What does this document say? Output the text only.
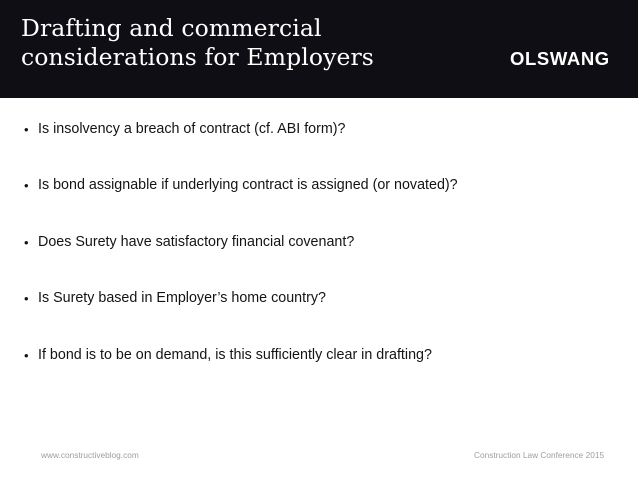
Drafting and commercial
considerations for Employers	OLSWANG
• Is insolvency a breach of contract (cf. ABI form)?
• Is bond assignable if underlying contract is assigned (or novated)?
• Does Surety have satisfactory financial covenant?
• Is Surety based in Employer’s home country?
• If bond is to be on demand, is this sufficiently clear in drafting?
www.constructiveblog.com	Construction Law Conference 2015
